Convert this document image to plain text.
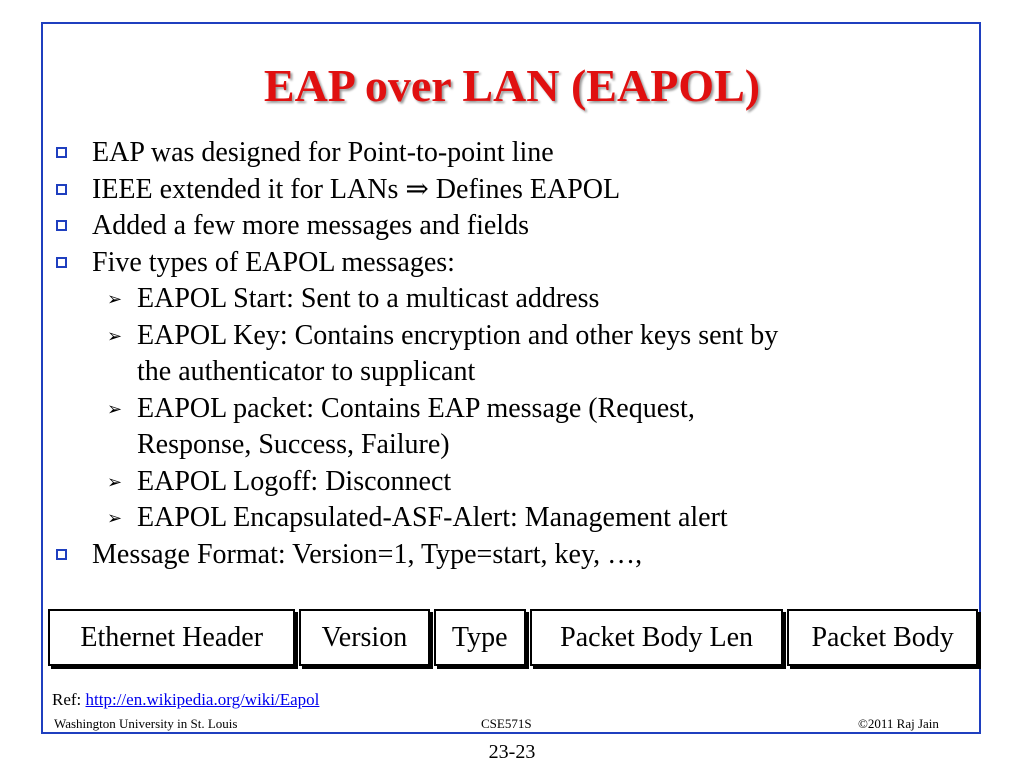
EAP over LAN (EAPOL)
EAP was designed for Point-to-point line
IEEE extended it for LANs ⇒ Defines EAPOL
Added a few more messages and fields
Five types of EAPOL messages:
➢ EAPOL Start: Sent to a multicast address
➢ EAPOL Key: Contains encryption and other keys sent by
the authenticator to supplicant
➢ EAPOL packet: Contains EAP message (Request,
Response, Success, Failure)
➢ EAPOL Logoff: Disconnect
➢ EAPOL Encapsulated-ASF-Alert: Management alert
Message Format: Version=1, Type=start, key, …,
Ethernet Header	Version	Type	Packet Body Len	Packet Body
Ref: http://en.wikipedia.org/wiki/Eapol
Washington University in St. Louis	CSE571S	©2011 Raj Jain
23-23
